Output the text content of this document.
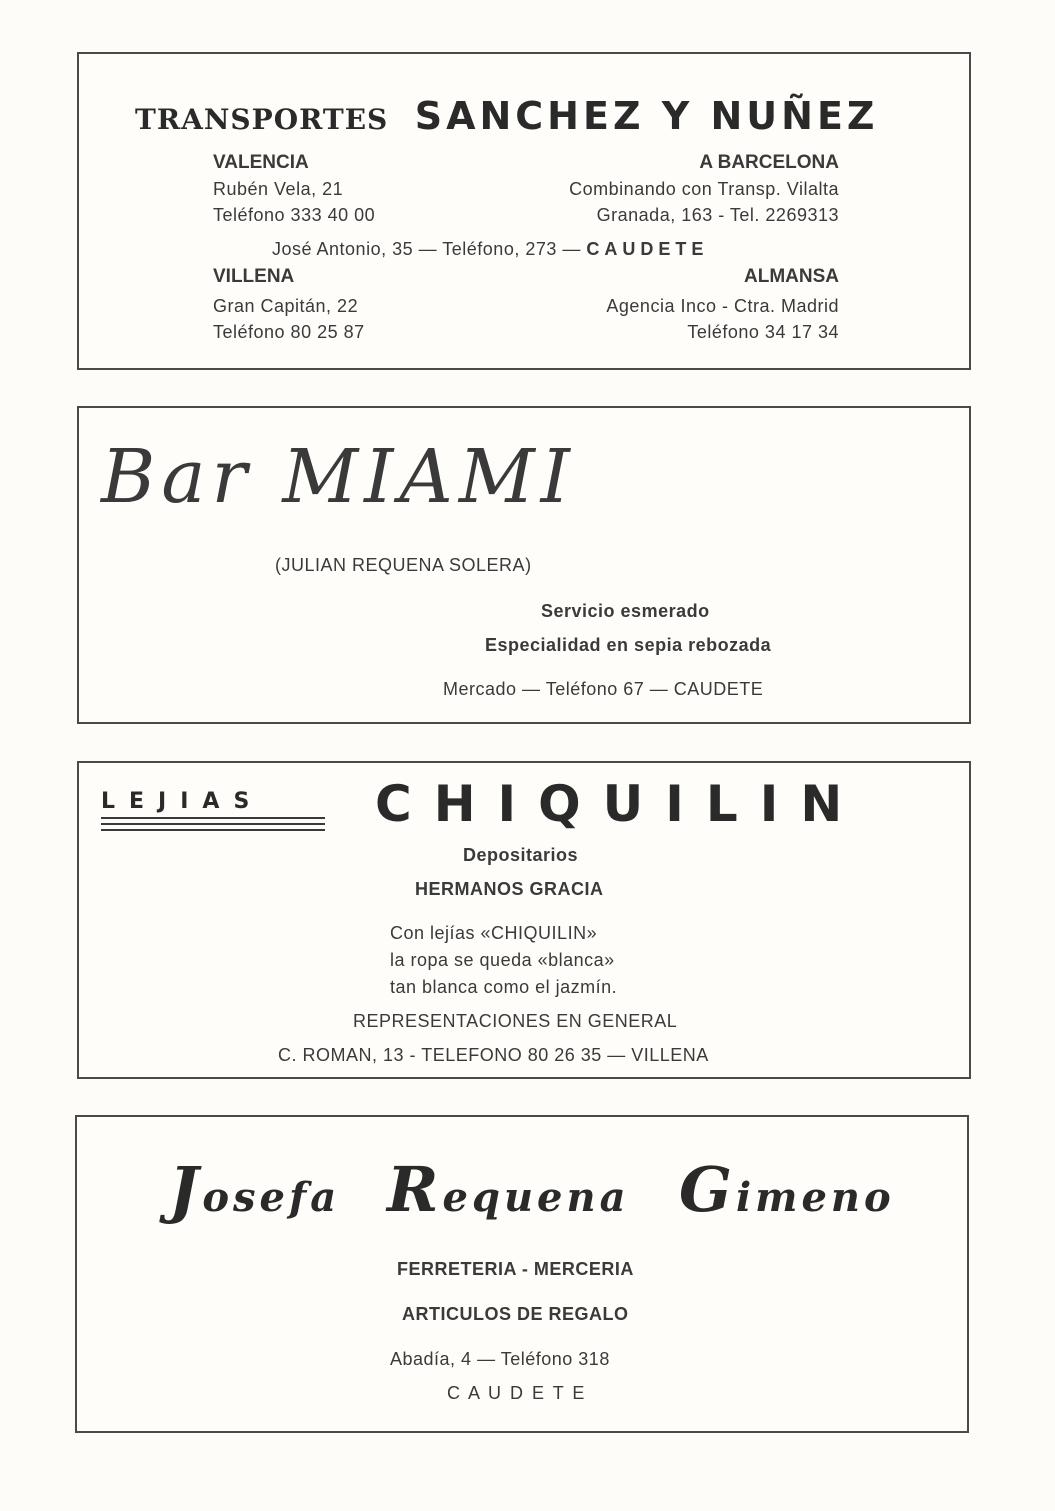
TRANSPORTES SANCHEZ Y NUÑEZ
VALENCIA
Rubén Vela, 21
Teléfono 333 40 00
A BARCELONA
Combinando con Transp. Vilalta
Granada, 163 - Tel. 2269313
José Antonio, 35 — Teléfono, 273 — CAUDETE
VILLENA
Gran Capitán, 22
Teléfono 80 25 87
ALMANSA
Agencia Inco - Ctra. Madrid
Teléfono 34 17 34
Bar MIAMI
(JULIAN REQUENA SOLERA)
Servicio esmerado
Especialidad en sepia rebozada
Mercado — Teléfono 67 — CAUDETE
LEJIAS CHIQUILIN
Depositarios
HERMANOS GRACIA
Con lejías «CHIQUILIN»
la ropa se queda «blanca»
tan blanca como el jazmín.
REPRESENTACIONES EN GENERAL
C. ROMAN, 13 - TELEFONO 80 26 35 — VILLENA
Josefa Requena Gimeno
FERRETERIA - MERCERIA
ARTICULOS DE REGALO
Abadía, 4 — Teléfono 318
C A U D E T E
